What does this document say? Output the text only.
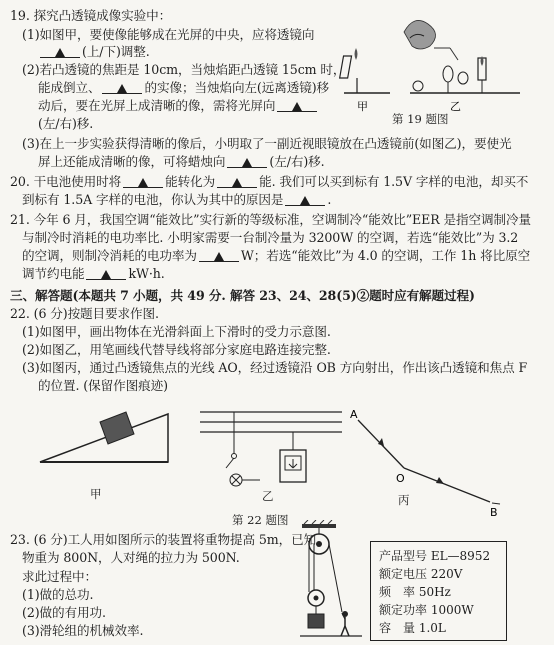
19. 探究凸透镜成像实验中：
(1)如图甲，要使像能够成在光屏的中央，应将透镜向
(上/下)调整.
(2)若凸透镜的焦距是 10cm，当烛焰距凸透镜 15cm 时，
能成倒立、	的实像；当烛焰向左(远离透镜)移
动后，要在光屏上成清晰的像，需将光屏向
(左/右)移.
(3)在上一步实验获得清晰的像后，小明取了一副近视眼镜放在凸透镜前(如图乙)，要使光
屏上还能成清晰的像，可将蜡烛向	(左/右)移.
甲	乙
第 19 题图
20. 干电池使用时将	能转化为	能. 我们可以买到标有 1.5V 字样的电池，却买不
到标有 1.5A 字样的电池，你认为其中的原因是	.
21. 今年 6 月，我国空调“能效比”实行新的等级标准，空调制冷“能效比”EER 是指空调制冷量
与制冷时消耗的电功率比. 小明家需要一台制冷量为 3200W 的空调，若选“能效比”为 3.2
的空调，则制冷消耗的电功率为	W；若选“能效比”为 4.0 的空调，工作 1h 将比原空
调节约电能	kW·h.
三、解答题(本题共 7 小题，共 49 分. 解答 23、24、28(5)②题时应有解题过程)
22. (6 分)按题目要求作图.
(1)如图甲，画出物体在光滑斜面上下滑时的受力示意图.
(2)如图乙，用笔画线代替导线将部分家庭电路连接完整.
(3)如图丙，通过凸透镜焦点的光线 AO，经过透镜沿 OB 方向射出，作出该凸透镜和焦点 F
的位置. (保留作图痕迹)
甲	乙
A
O
B
丙
第 22 题图
23. (6 分)工人用如图所示的装置将重物提高 5m，已知
物重为 800N，人对绳的拉力为 500N.
求此过程中：
(1)做的总功.
(2)做的有用功.
(3)滑轮组的机械效率.
产品型号 EL—8952
额定电压 220V
频　率 50Hz
额定功率 1000W
容　量 1.0L
